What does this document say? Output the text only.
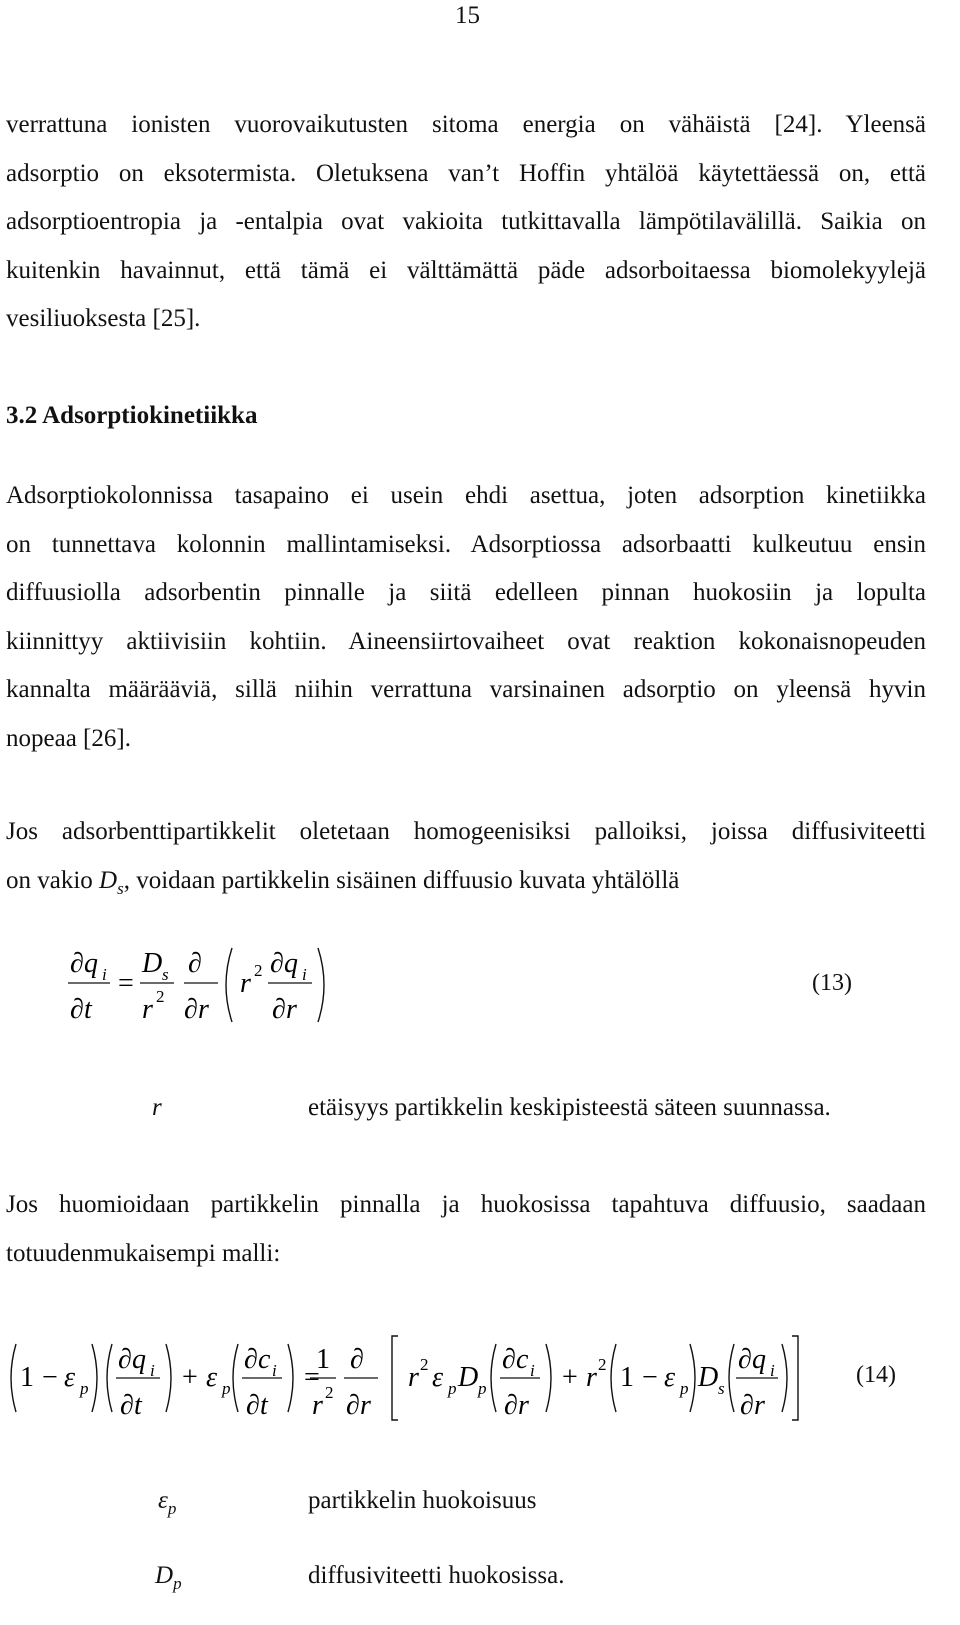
15

verrattuna ionisten vuorovaikutusten sitoma energia on vähäistä [24]. Yleensä
adsorptio on eksotermista. Oletuksena van’t Hoffin yhtälöä käytettäessä on, että
adsorptioentropia ja -entalpia ovat vakioita tutkittavalla lämpötilavälillä. Saikia on
kuitenkin havainnut, että tämä ei välttämättä päde adsorboitaessa biomolekyylejä
vesiliuoksesta [25].

3.2 Adsorptiokinetiikka

Adsorptiokolonnissa tasapaino ei usein ehdi asettua, joten adsorption kinetiikka
on tunnettava kolonnin mallintamiseksi. Adsorptiossa adsorbaatti kulkeutuu ensin
diffuusiolla adsorbentin pinnalle ja siitä edelleen pinnan huokosiin ja lopulta
kiinnittyy aktiivisiin kohtiin. Aineensiirtovaiheet ovat reaktion kokonaisnopeuden
kannalta määrääviä, sillä niihin verrattuna varsinainen adsorptio on yleensä hyvin
nopeaa [26].

Jos adsorbenttipartikkelit oletetaan homogeenisiksi palloiksi, joissa diffusiviteetti
on vakio $D_s$, voidaan partikkelin sisäinen diffuusio kuvata yhtälöllä

∂ q i
∂ t
=
D s
r 2
∂
∂ r
r 2 ∂ q i
∂ r
(13)
r	etäisyys partikkelin keskipisteestä säteen suunnassa.

Jos huomioidaan partikkelin pinnalla ja huokosissa tapahtuva diffuusio, saadaan
totuudenmukaisempi malli:

1 − ε p
∂ q i
∂ t
+ ε p
∂ c i
∂ t
=
1
r 2
∂
∂ r
r 2 ε p D p
∂ c i
∂ r
+ r 2 1 − ε p D s
∂ q i
∂ r
(14)
$\varepsilon_p$	partikkelin huokoisuus
$D_p$	diffusiviteetti huokosissa.
